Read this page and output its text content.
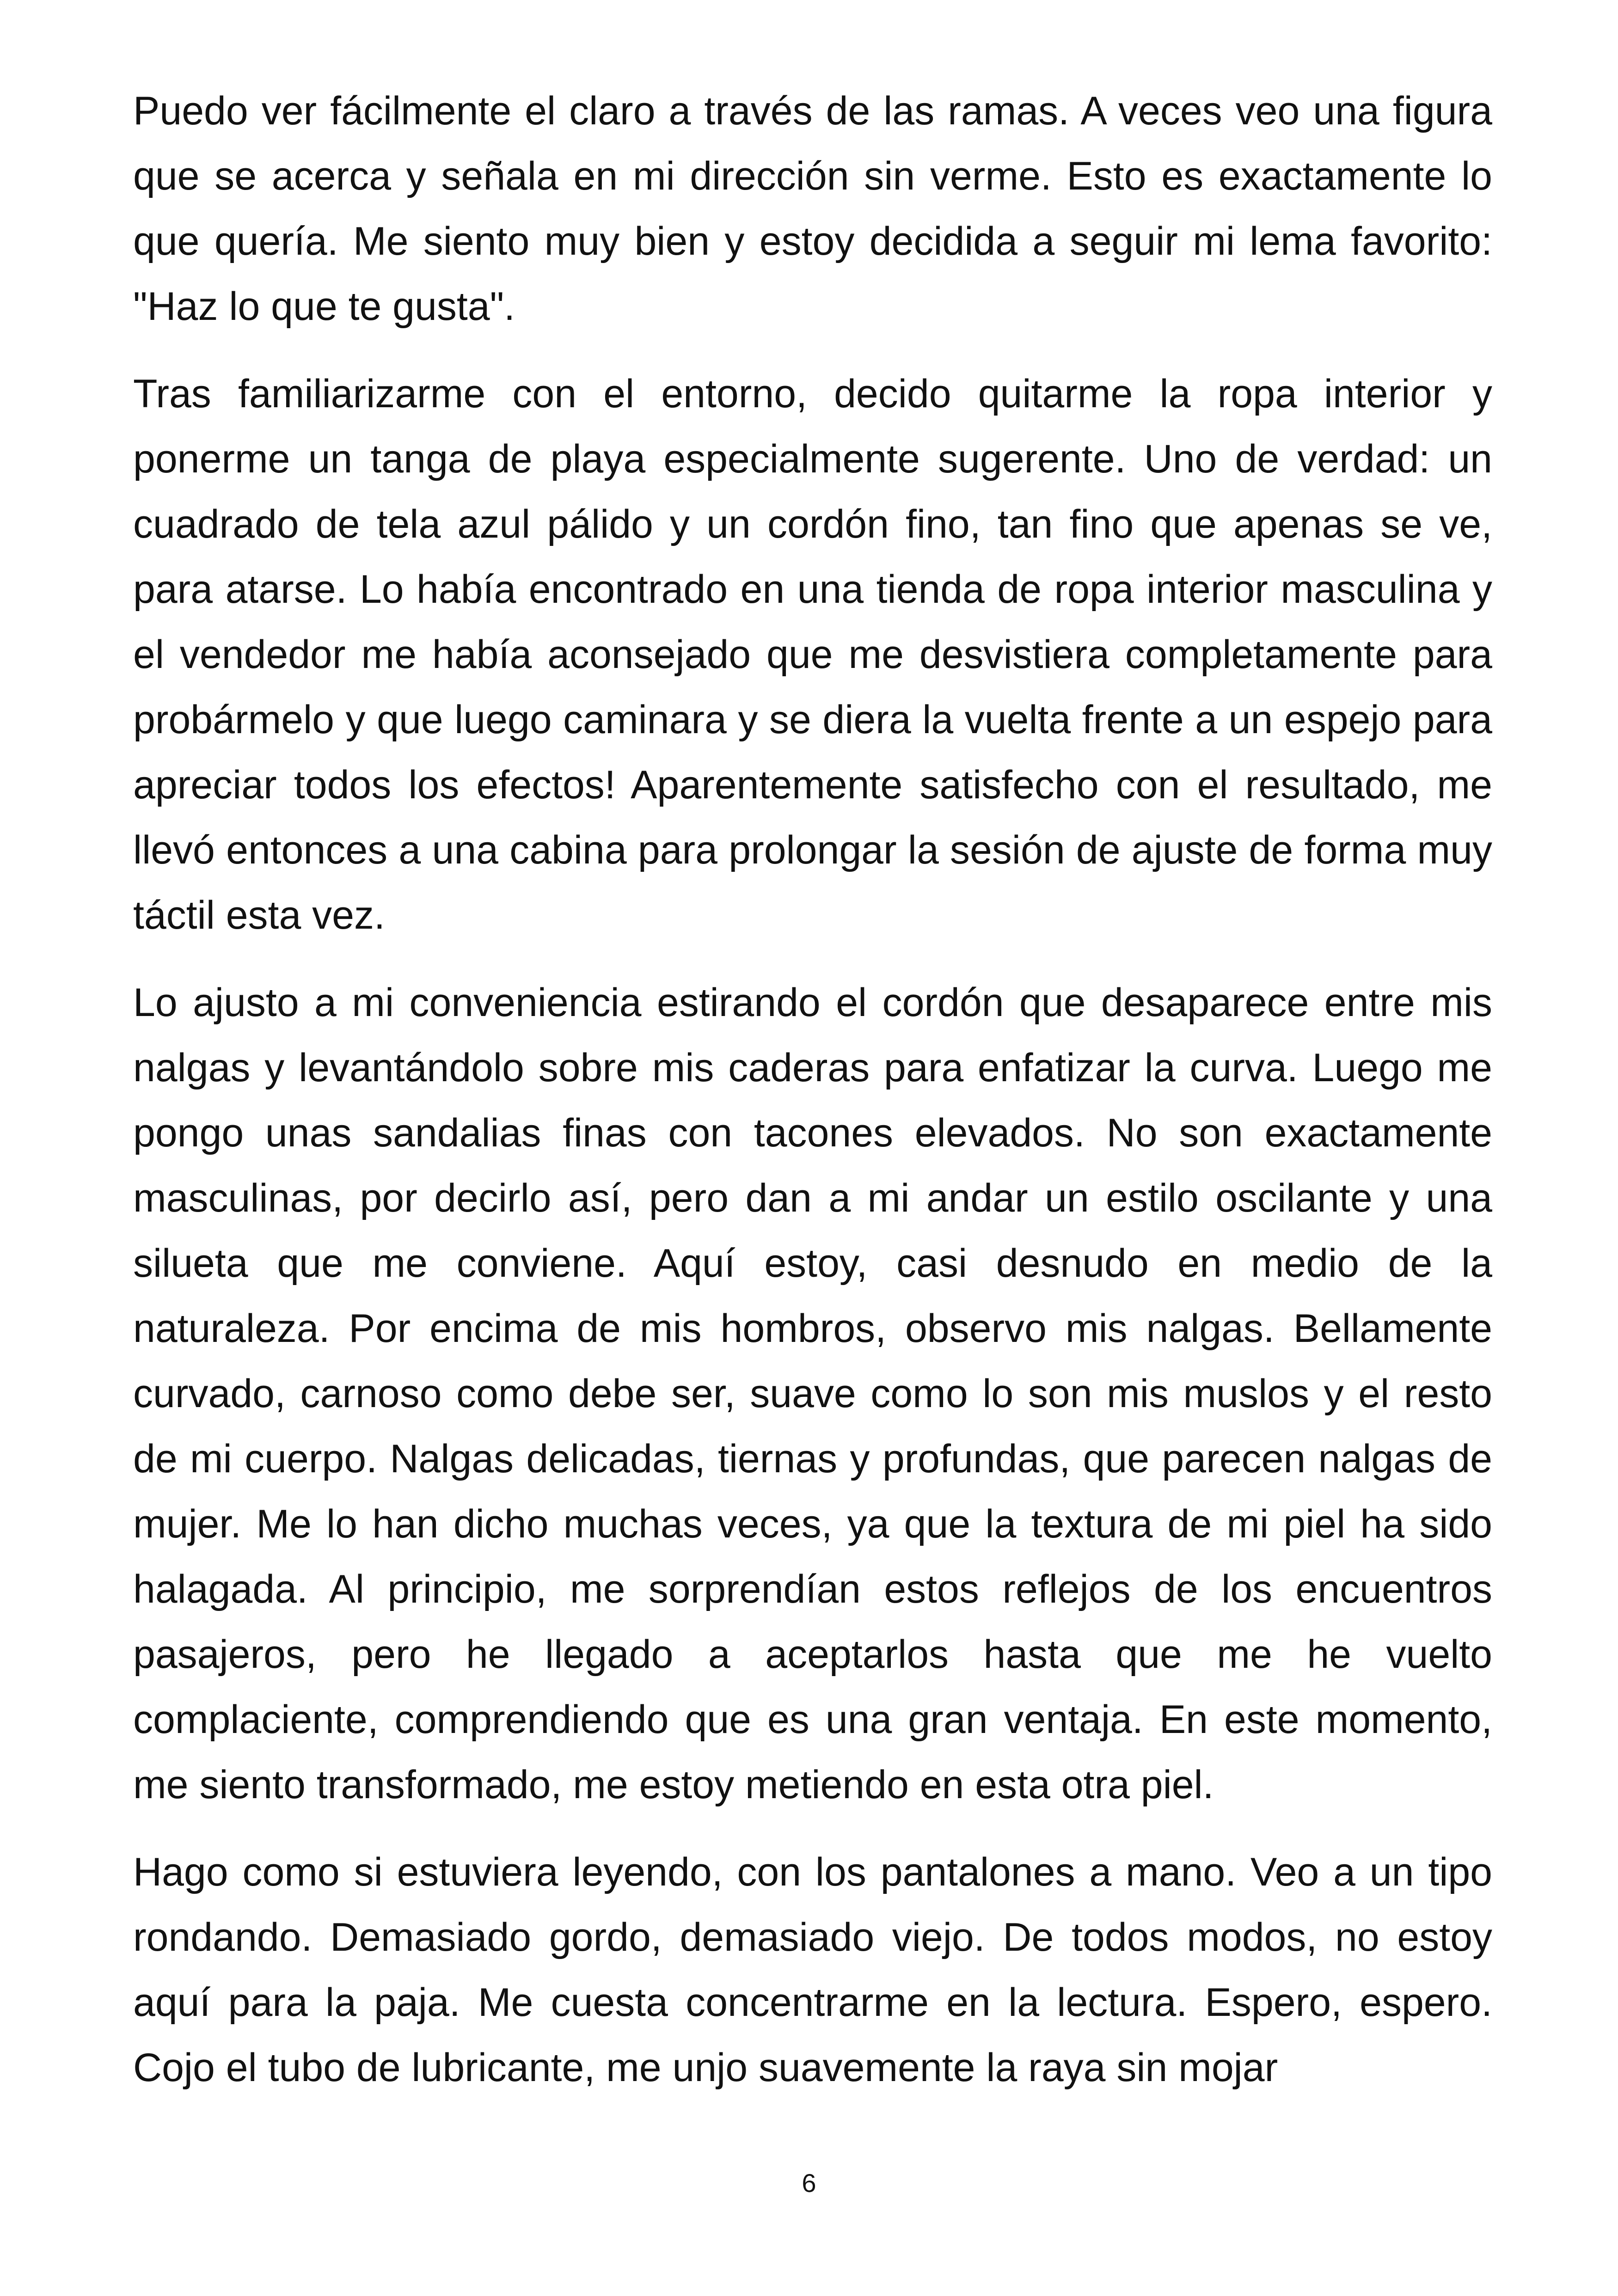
Puedo ver fácilmente el claro a través de las ramas. A veces veo una figura que se acerca y señala en mi dirección sin verme. Esto es exactamente lo que quería. Me siento muy bien y estoy decidida a seguir mi lema favorito: "Haz lo que te gusta".

Tras familiarizarme con el entorno, decido quitarme la ropa interior y ponerme un tanga de playa especialmente sugerente. Uno de verdad: un cuadrado de tela azul pálido y un cordón fino, tan fino que apenas se ve, para atarse. Lo había encontrado en una tienda de ropa interior masculina y el vendedor me había aconsejado que me desvistiera completamente para probármelo y que luego caminara y se diera la vuelta frente a un espejo para apreciar todos los efectos! Aparentemente satisfecho con el resultado, me llevó entonces a una cabina para prolongar la sesión de ajuste de forma muy táctil esta vez.

Lo ajusto a mi conveniencia estirando el cordón que desaparece entre mis nalgas y levantándolo sobre mis caderas para enfatizar la curva. Luego me pongo unas sandalias finas con tacones elevados. No son exactamente masculinas, por decirlo así, pero dan a mi andar un estilo oscilante y una silueta que me conviene. Aquí estoy, casi desnudo en medio de la naturaleza. Por encima de mis hombros, observo mis nalgas. Bellamente curvado, carnoso como debe ser, suave como lo son mis muslos y el resto de mi cuerpo. Nalgas delicadas, tiernas y profundas, que parecen nalgas de mujer. Me lo han dicho muchas veces, ya que la textura de mi piel ha sido halagada. Al principio, me sorprendían estos reflejos de los encuentros pasajeros, pero he llegado a aceptarlos hasta que me he vuelto complaciente, comprendiendo que es una gran ventaja. En este momento, me siento transformado, me estoy metiendo en esta otra piel.

Hago como si estuviera leyendo, con los pantalones a mano. Veo a un tipo rondando. Demasiado gordo, demasiado viejo. De todos modos, no estoy aquí para la paja. Me cuesta concentrarme en la lectura. Espero, espero. Cojo el tubo de lubricante, me unjo suavemente la raya sin mojar

6
